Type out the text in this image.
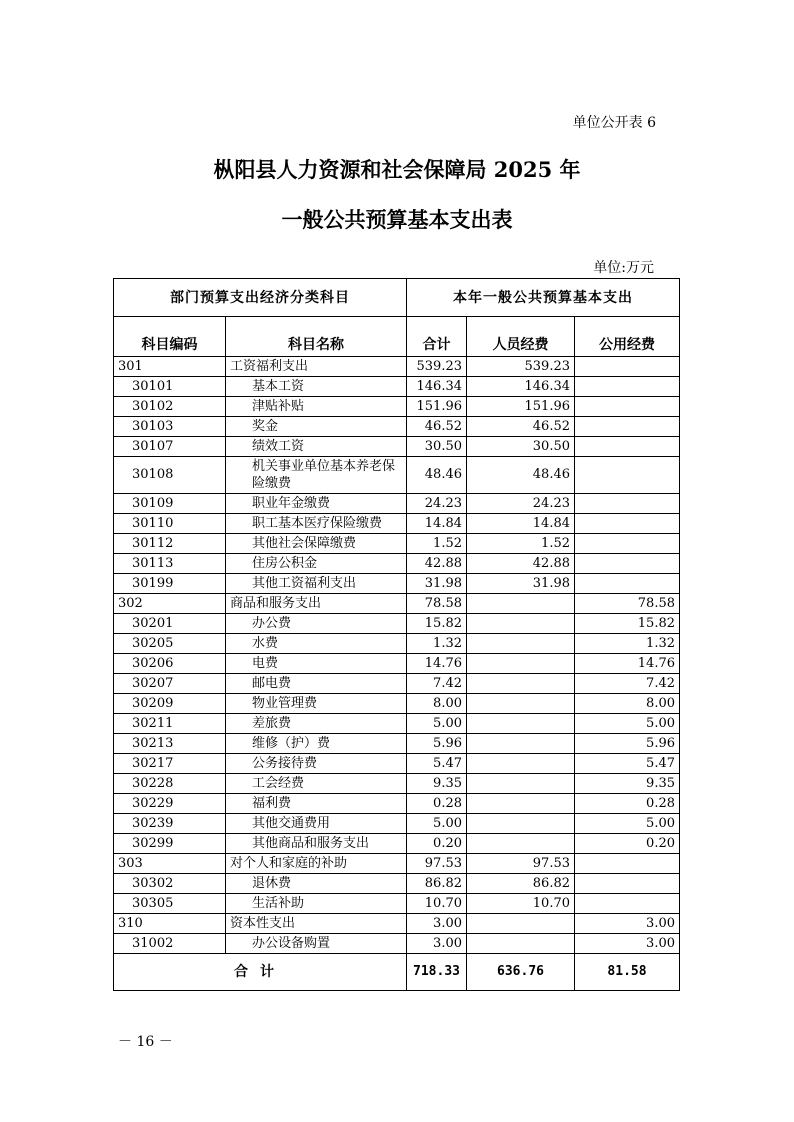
单位公开表 6
枞阳县人力资源和社会保障局 2025 年
一般公共预算基本支出表
单位:万元
部门预算支出经济分类科目		本年一般公共预算基本支出		
科目编码	科目名称	合计	人员经费	公用经费
301	工资福利支出	539.23	539.23	
30101	基本工资	146.34	146.34	
30102	津贴补贴	151.96	151.96	
30103	奖金	46.52	46.52	
30107	绩效工资	30.50	30.50	
30108	机关事业单位基本养老保险缴费	48.46	48.46	
30109	职业年金缴费	24.23	24.23	
30110	职工基本医疗保险缴费	14.84	14.84	
30112	其他社会保障缴费	1.52	1.52	
30113	住房公积金	42.88	42.88	
30199	其他工资福利支出	31.98	31.98	
302	商品和服务支出	78.58		78.58
30201	办公费	15.82		15.82
30205	水费	1.32		1.32
30206	电费	14.76		14.76
30207	邮电费	7.42		7.42
30209	物业管理费	8.00		8.00
30211	差旅费	5.00		5.00
30213	维修（护）费	5.96		5.96
30217	公务接待费	5.47		5.47
30228	工会经费	9.35		9.35
30229	福利费	0.28		0.28
30239	其他交通费用	5.00		5.00
30299	其他商品和服务支出	0.20		0.20
303	对个人和家庭的补助	97.53	97.53	
30302	退休费	86.82	86.82	
30305	生活补助	10.70	10.70	
310	资本性支出	3.00		3.00
31002	办公设备购置	3.00		3.00
合计		718.33	636.76	81.58
－ 16 －
